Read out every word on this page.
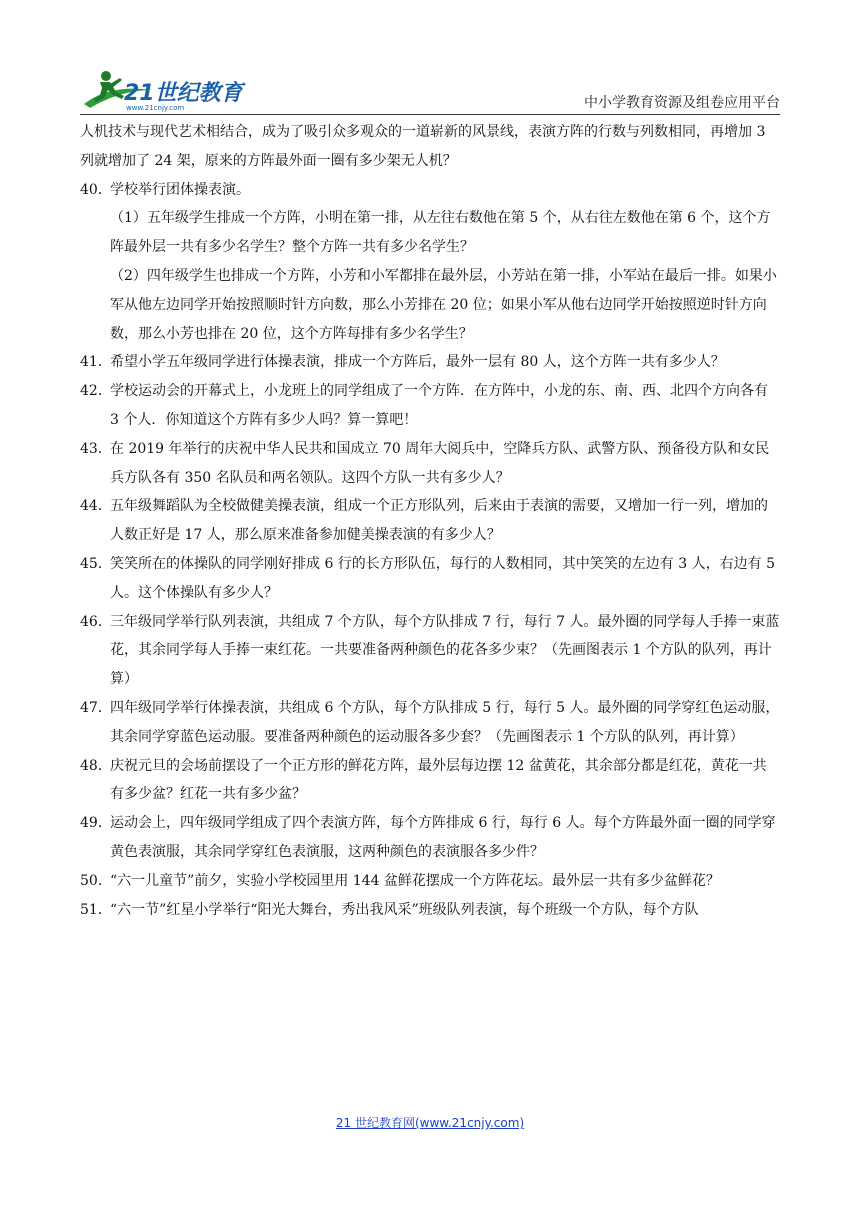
21世纪教育
www.21cnjy.com	中小学教育资源及组卷应用平台

人机技术与现代艺术相结合，成为了吸引众多观众的一道崭新的风景线，表演方阵的行数与列数相同，再增加 3 列就增加了 24 架，原来的方阵最外面一圈有多少架无人机？

40．学校举行团体操表演。

（1）五年级学生排成一个方阵，小明在第一排，从左往右数他在第 5 个，从右往左数他在第 6 个，这个方阵最外层一共有多少名学生？整个方阵一共有多少名学生？

（2）四年级学生也排成一个方阵，小芳和小军都排在最外层，小芳站在第一排，小军站在最后一排。如果小军从他左边同学开始按照顺时针方向数，那么小芳排在 20 位；如果小军从他右边同学开始按照逆时针方向数，那么小芳也排在 20 位，这个方阵每排有多少名学生？

41．希望小学五年级同学进行体操表演，排成一个方阵后，最外一层有 80 人，这个方阵一共有多少人？

42．学校运动会的开幕式上，小龙班上的同学组成了一个方阵．在方阵中，小龙的东、南、西、北四个方向各有 3 个人．你知道这个方阵有多少人吗？算一算吧！

43．在 2019 年举行的庆祝中华人民共和国成立 70 周年大阅兵中，空降兵方队、武警方队、预备役方队和女民兵方队各有 350 名队员和两名领队。这四个方队一共有多少人？

44．五年级舞蹈队为全校做健美操表演，组成一个正方形队列，后来由于表演的需要，又增加一行一列，增加的人数正好是 17 人，那么原来准备参加健美操表演的有多少人？

45．笑笑所在的体操队的同学刚好排成 6 行的长方形队伍，每行的人数相同，其中笑笑的左边有 3 人，右边有 5 人。这个体操队有多少人？

46．三年级同学举行队列表演，共组成 7 个方队，每个方队排成 7 行，每行 7 人。最外圈的同学每人手捧一束蓝花，其余同学每人手捧一束红花。一共要准备两种颜色的花各多少束？（先画图表示 1 个方队的队列，再计算）

47．四年级同学举行体操表演，共组成 6 个方队，每个方队排成 5 行，每行 5 人。最外圈的同学穿红色运动服，其余同学穿蓝色运动服。要准备两种颜色的运动服各多少套？（先画图表示 1 个方队的队列，再计算）

48．庆祝元旦的会场前摆设了一个正方形的鲜花方阵，最外层每边摆 12 盆黄花，其余部分都是红花，黄花一共有多少盆？红花一共有多少盆？

49．运动会上，四年级同学组成了四个表演方阵，每个方阵排成 6 行，每行 6 人。每个方阵最外面一圈的同学穿黄色表演服，其余同学穿红色表演服，这两种颜色的表演服各多少件？

50．“六一儿童节”前夕，实验小学校园里用 144 盆鲜花摆成一个方阵花坛。最外层一共有多少盆鲜花？

51．“六一节”红星小学举行“阳光大舞台，秀出我风采”班级队列表演，每个班级一个方队，每个方队

21 世纪教育网(www.21cnjy.com)
